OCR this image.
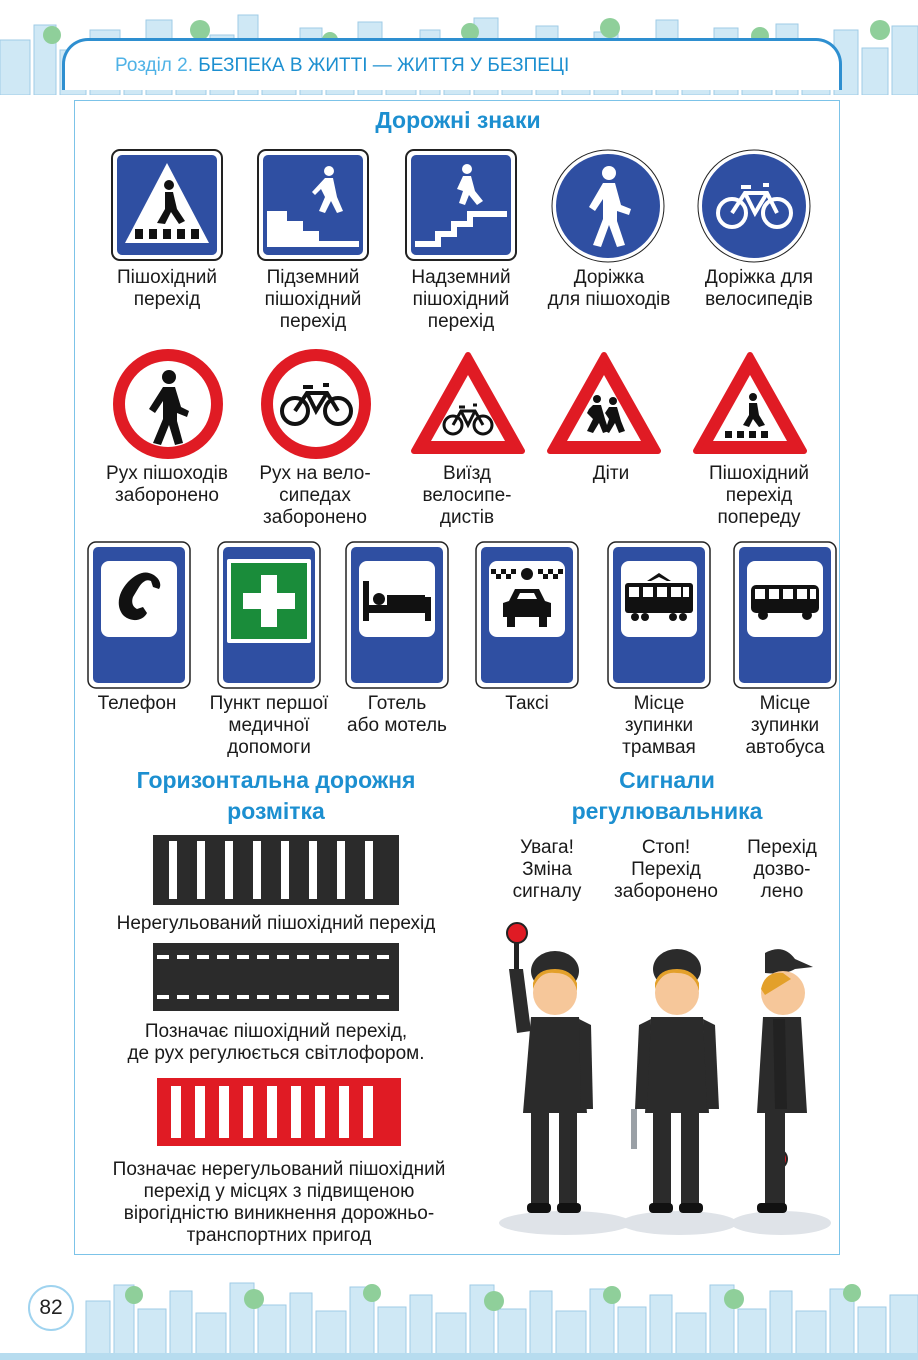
Розділ 2. БЕЗПЕКА В ЖИТТІ — ЖИТТЯ У БЕЗПЕЦІ
Дорожні знаки
Пішохідний
перехід
Підземний
пішохідний
перехід
Надземний
пішохідний
перехід
Доріжка
для пішоходів
Доріжка для
велосипедів
Рух пішоходів
заборонено
Рух на вело-
сипедах
заборонено
Виїзд
велосипе-
дистів
Діти	Пішохідний
перехід
попереду
Телефон	Пункт першої
медичної
допомоги
Готель
або мотель
Таксі	Місце
зупинки
трамвая
Місце
зупинки
автобуса
Горизонтальна дорожня
розмітка
Нерегульований пішохідний перехід
Позначає пішохідний перехід,
де рух регулюється світлофором.
Позначає нерегульований пішохідний
перехід у місцях з підвищеною
вірогідністю виникнення дорожньо-
транспортних пригод
Сигнали
регулювальника
Увага!
Зміна
сигналу
Стоп!
Перехід
заборонено
Перехід
дозво-
лено
82
